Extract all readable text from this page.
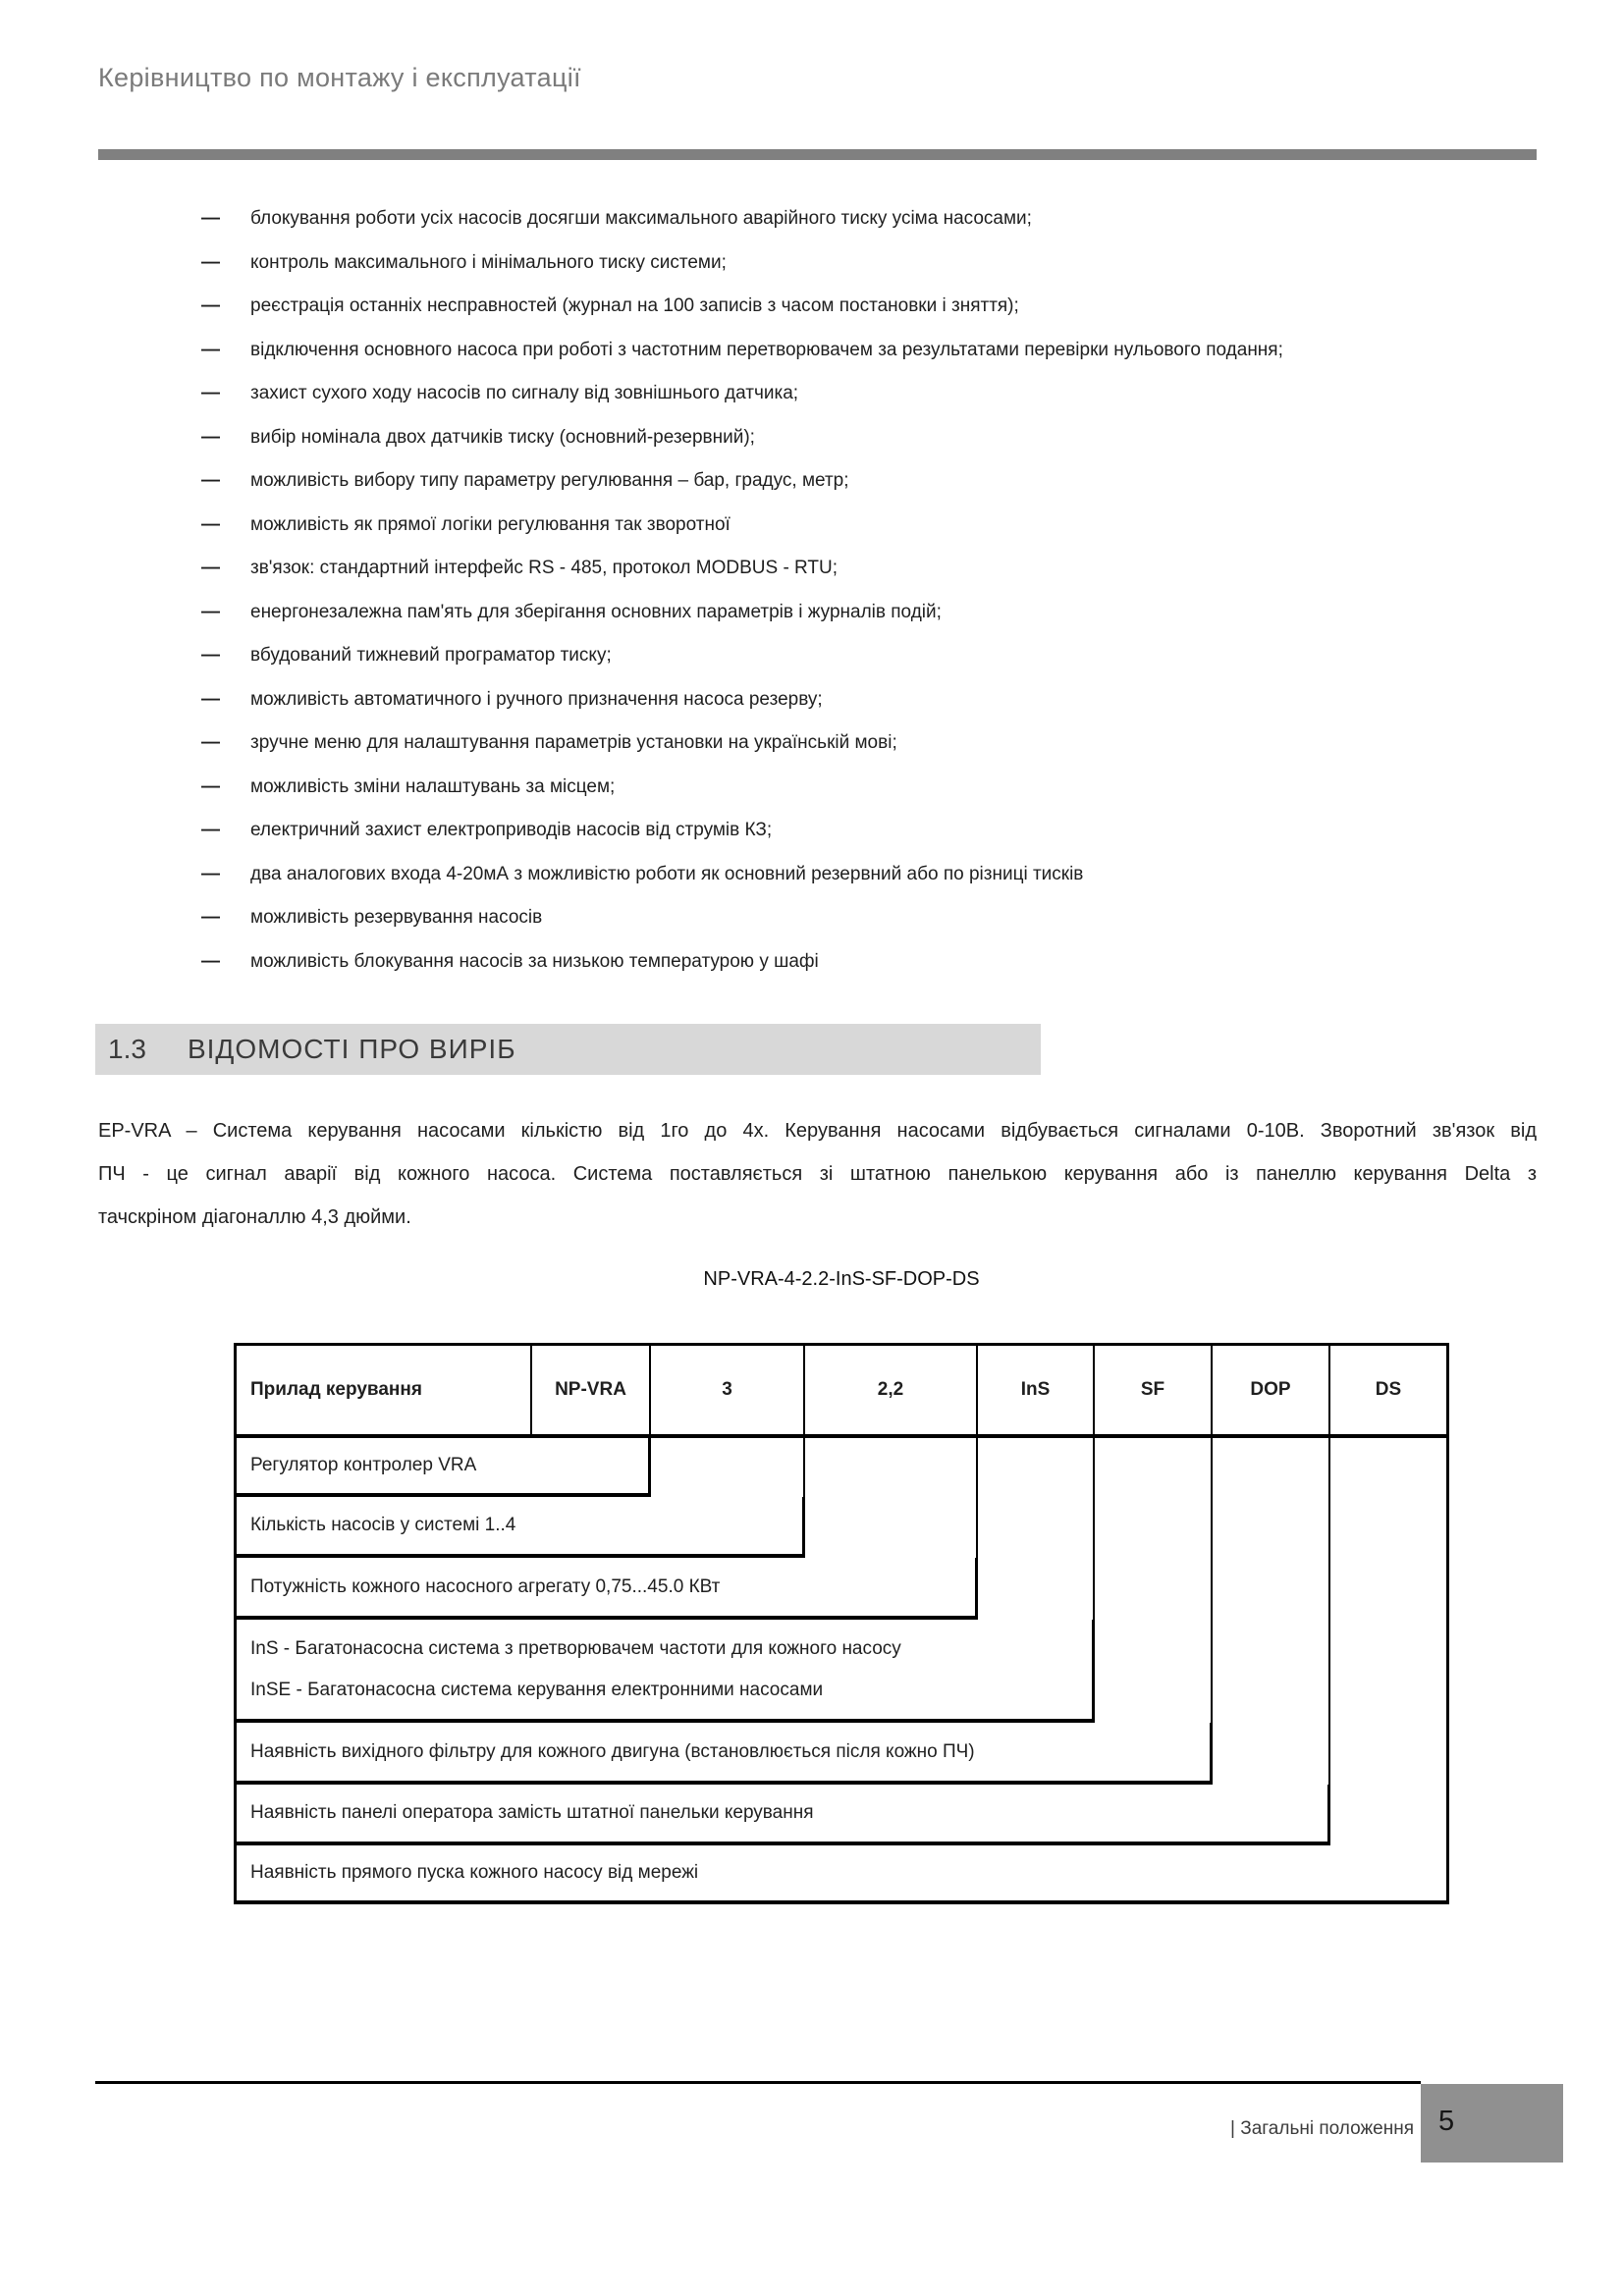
Керівництво по монтажу і експлуатації
—	блокування роботи усіх насосів досягши максимального аварійного тиску усіма насосами;
—	контроль максимального і мінімального тиску системи;
—	реєстрація останніх несправностей (журнал на 100 записів з часом постановки і зняття);
—	відключення основного насоса при роботі з частотним перетворювачем за результатами перевірки нульового подання;
—	захист сухого ходу насосів по сигналу від зовнішнього датчика;
—	вибір номінала двох датчиків тиску (основний-резервний);
—	можливість вибору типу параметру регулювання – бар, градус, метр;
—	можливість як прямої логіки регулювання так зворотної
—	зв'язок: стандартний інтерфейс RS - 485, протокол MODBUS - RTU;
—	енергонезалежна пам'ять для зберігання основних параметрів і журналів подій;
—	вбудований тижневий програматор тиску;
—	можливість автоматичного і ручного призначення насоса резерву;
—	зручне меню для налаштування параметрів установки на українській мові;
—	можливість зміни налаштувань за місцем;
—	електричний захист електроприводів насосів від струмів КЗ;
—	два аналогових входа 4-20мА з можливістю роботи як основний резервний або по різниці тисків
—	можливість резервування насосів
—	можливість блокування насосів за низькою температурою у шафі
1.3 ВІДОМОСТІ ПРО ВИРІБ
EP-VRA – Система керування насосами кількістю від 1го до 4х. Керування насосами відбувається сигналами 0-10В. Зворотний зв'язок від
ПЧ - це сигнал аварії від кожного насоса. Система поставляється зі штатною панелькою керування або із панеллю керування Delta з
тачскріном діагоналлю 4,3 дюйми.
NP-VRA-4-2.2-InS-SF-DOP-DS
Прилад керування	NP-VRA	3	2,2	InS	SF	DOP	DS
Регулятор контролер VRA
Кількість насосів у системі 1..4
Потужність кожного насосного агрегату 0,75...45.0 КВт
InS - Багатонасосна система з претворювачем частоти для кожного насосу
InSE - Багатонасосна система керування електронними насосами
Наявність вихідного фільтру для кожного двигуна (встановлюється після кожно ПЧ)
Наявність панелі оператора замість штатної панельки керування
Наявність прямого пуска кожного насосу від мережі
| Загальні положення 5
